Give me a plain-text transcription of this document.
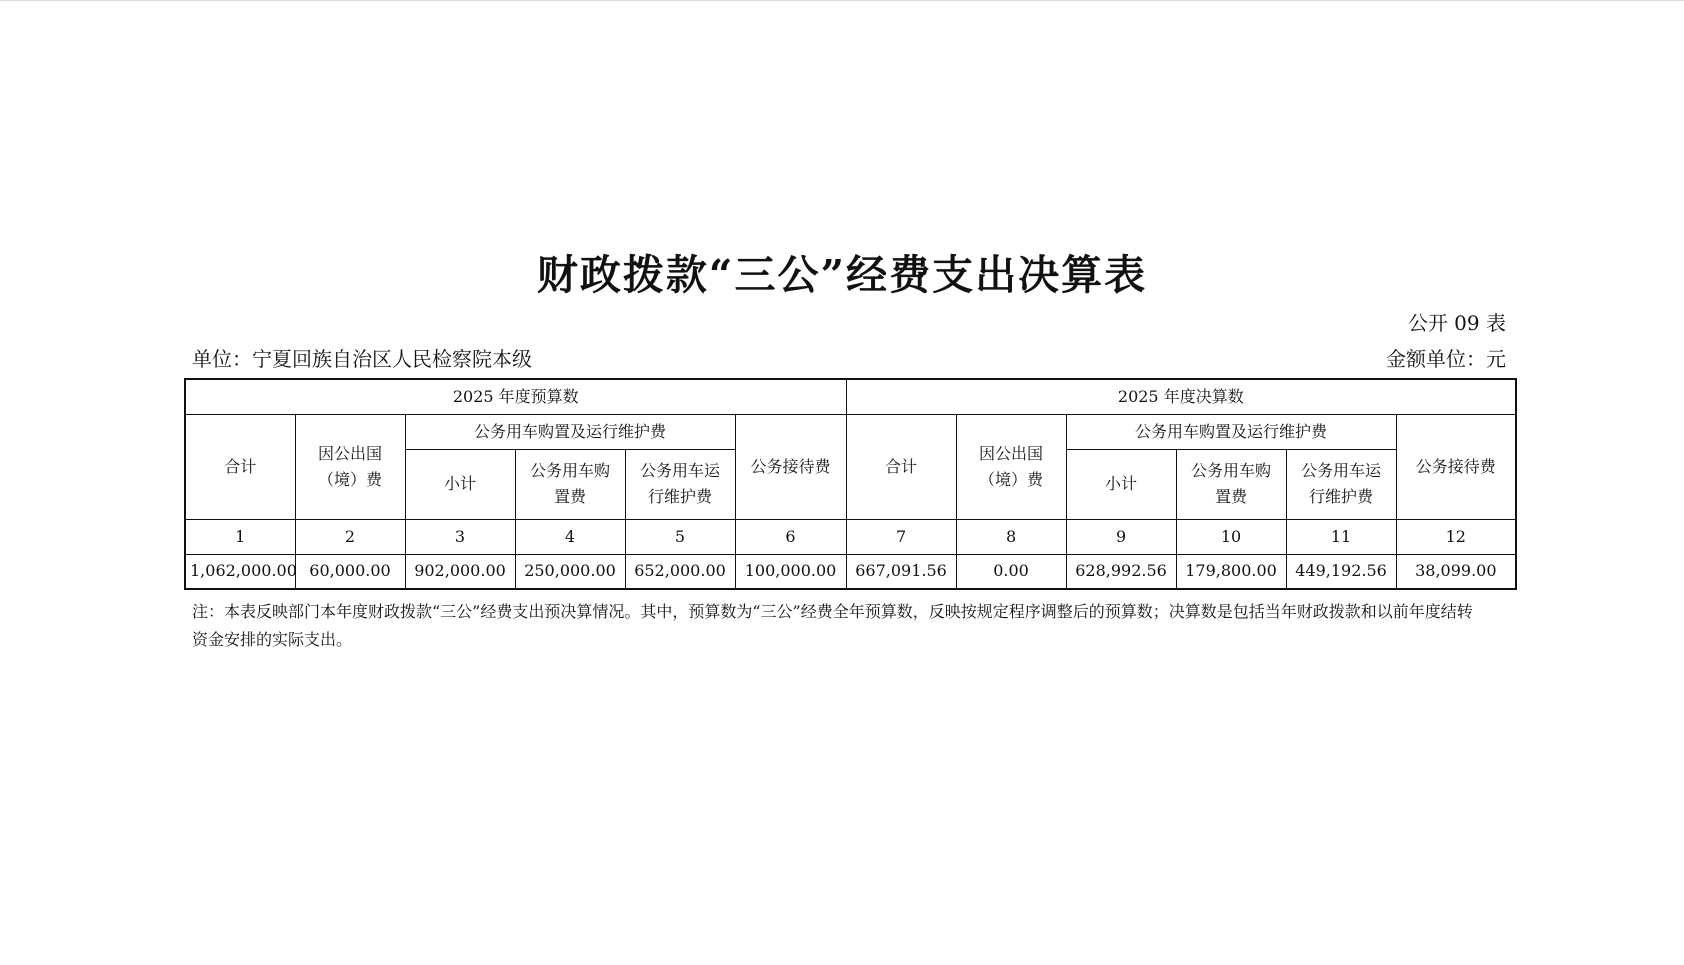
财政拨款“三公”经费支出决算表
公开 09 表
单位：宁夏回族自治区人民检察院本级	金额单位：元
2025 年度预算数						2025 年度决算数					
合计	因公出国（境）费	公务用车购置及运行维护费			公务接待费	合计	因公出国（境）费	公务用车购置及运行维护费			公务接待费
		小计	公务用车购置费	公务用车运行维护费				小计	公务用车购置费	公务用车运行维护费	
1	2	3	4	5	6	7	8	9	10	11	12
1,062,000.00	60,000.00	902,000.00	250,000.00	652,000.00	100,000.00	667,091.56	0.00	628,992.56	179,800.00	449,192.56	38,099.00
注：本表反映部门本年度财政拨款“三公”经费支出预决算情况。其中，预算数为“三公”经费全年预算数，反映按规定程序调整后的预算数；决算数是包括当年财政拨款和以前年度结转
资金安排的实际支出。
